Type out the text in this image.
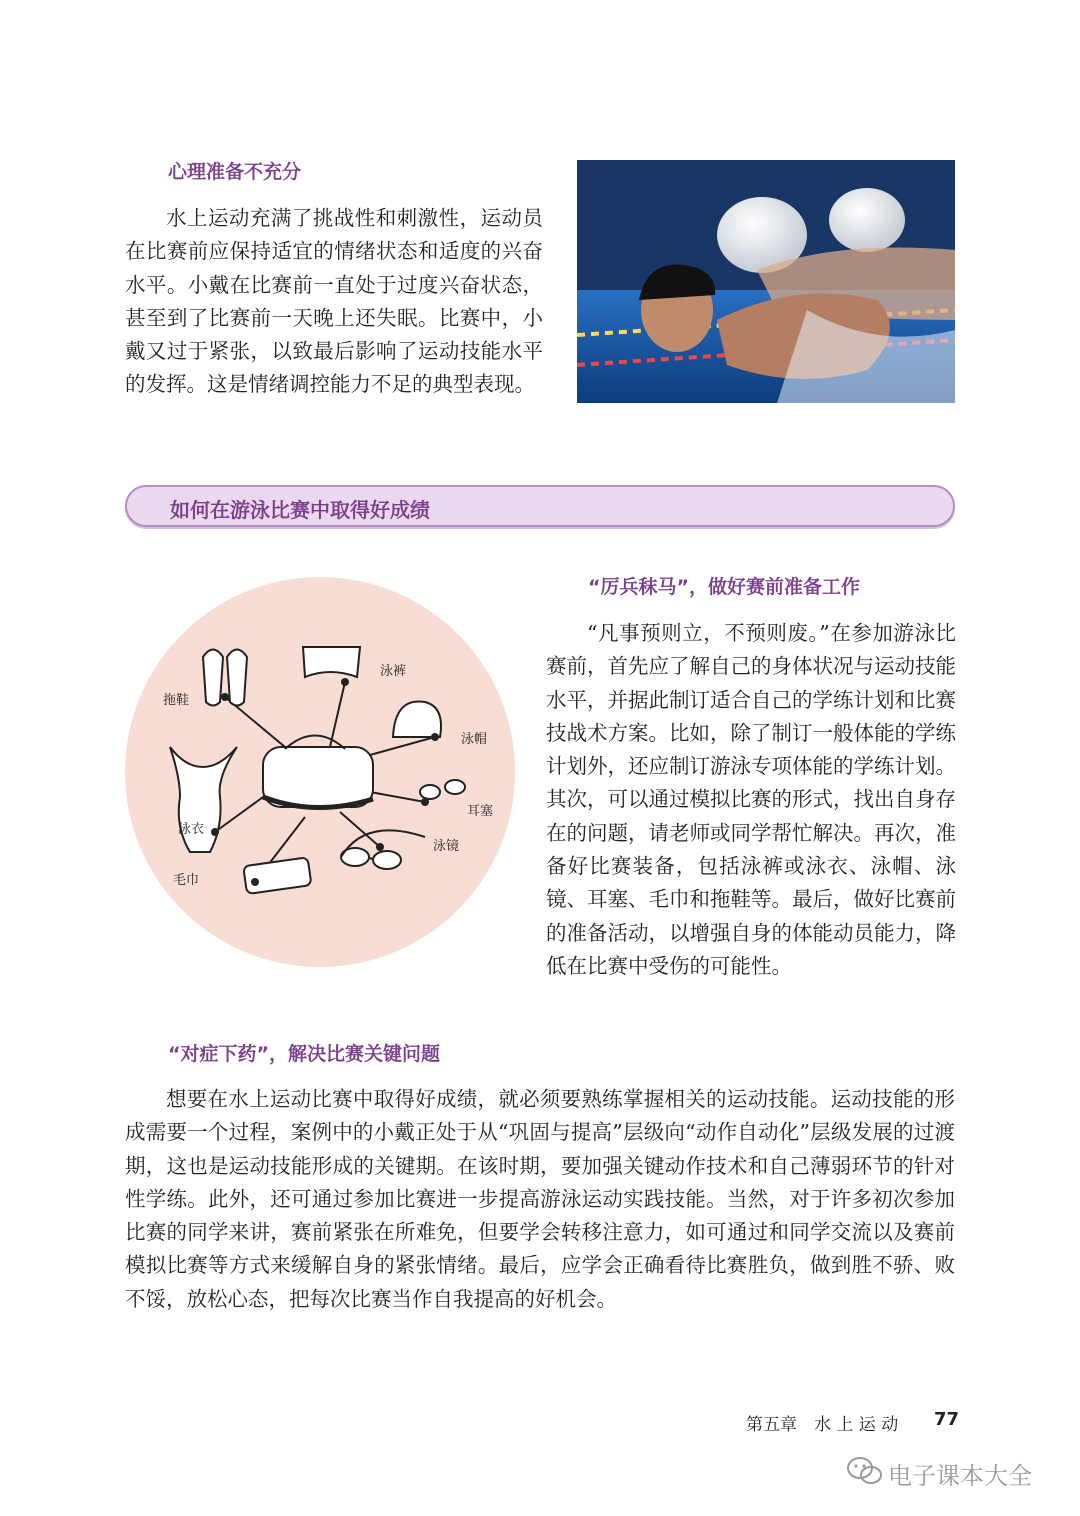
心理准备不充分
水上运动充满了挑战性和刺激性，运动员在比赛前应保持适宜的情绪状态和适度的兴奋水平。小戴在比赛前一直处于过度兴奋状态，甚至到了比赛前一天晚上还失眠。比赛中，小戴又过于紧张，以致最后影响了运动技能水平的发挥。这是情绪调控能力不足的典型表现。
如何在游泳比赛中取得好成绩
拖鞋
泳裤
泳帽
耳塞
泳镜
泳衣
毛巾
“厉兵秣马”，做好赛前准备工作
“凡事预则立，不预则废。”在参加游泳比赛前，首先应了解自己的身体状况与运动技能水平，并据此制订适合自己的学练计划和比赛技战术方案。比如，除了制订一般体能的学练计划外，还应制订游泳专项体能的学练计划。其次，可以通过模拟比赛的形式，找出自身存在的问题，请老师或同学帮忙解决。再次，准备好比赛装备，包括泳裤或泳衣、泳帽、泳镜、耳塞、毛巾和拖鞋等。最后，做好比赛前的准备活动，以增强自身的体能动员能力，降低在比赛中受伤的可能性。
“对症下药”，解决比赛关键问题
想要在水上运动比赛中取得好成绩，就必须要熟练掌握相关的运动技能。运动技能的形成需要一个过程，案例中的小戴正处于从“巩固与提高”层级向“动作自动化”层级发展的过渡期，这也是运动技能形成的关键期。在该时期，要加强关键动作技术和自己薄弱环节的针对性学练。此外，还可通过参加比赛进一步提高游泳运动实践技能。当然，对于许多初次参加比赛的同学来讲，赛前紧张在所难免，但要学会转移注意力，如可通过和同学交流以及赛前模拟比赛等方式来缓解自身的紧张情绪。最后，应学会正确看待比赛胜负，做到胜不骄、败不馁，放松心态，把每次比赛当作自我提高的好机会。
第五章　水 上 运 动 77
电子课本大全
